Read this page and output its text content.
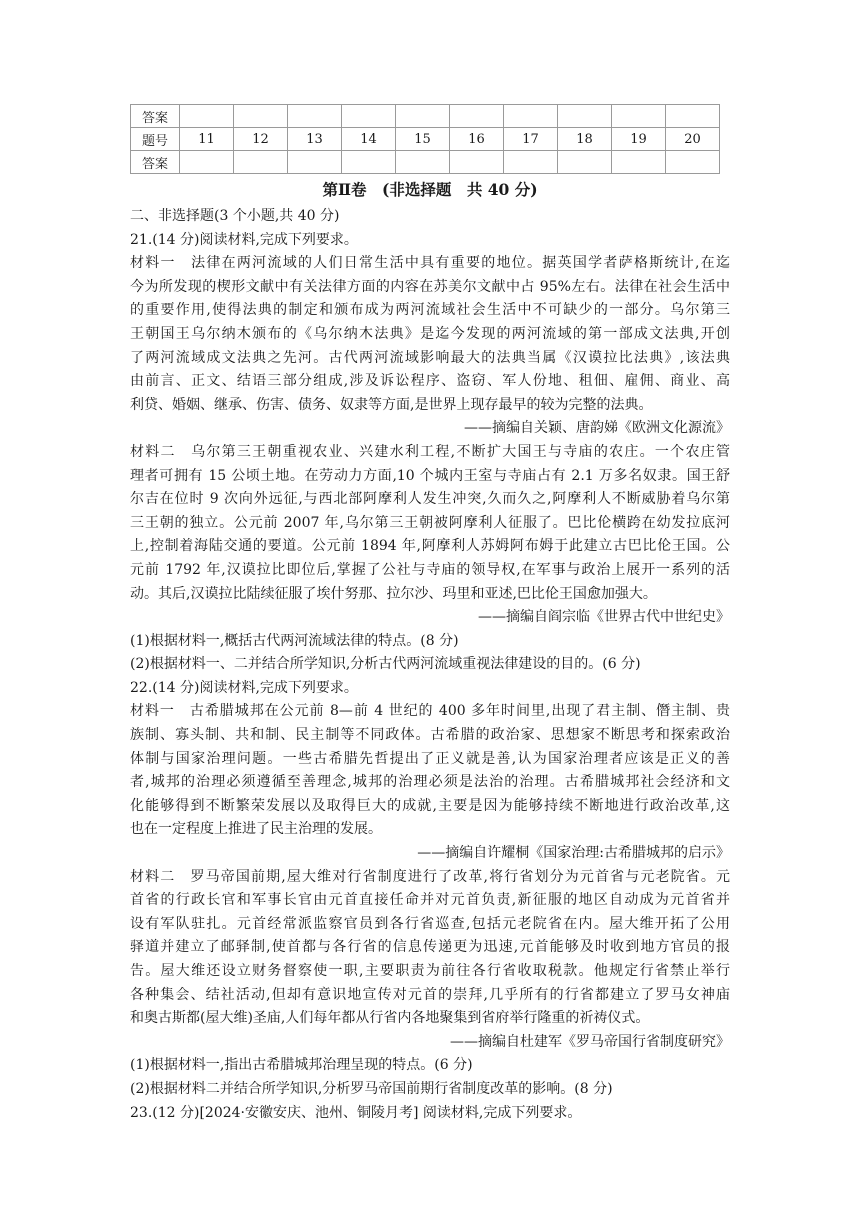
答案										
题号	11	12	13	14	15	16	17	18	19	20
答案										
第Ⅱ卷　(非选择题　共 40 分)
二、非选择题(3 个小题,共 40 分)
21.(14 分)阅读材料,完成下列要求。
材料一　法律在两河流域的人们日常生活中具有重要的地位。据英国学者萨格斯统计,在迄
今为所发现的楔形文献中有关法律方面的内容在苏美尔文献中占 95%左右。法律在社会生活中
的重要作用,使得法典的制定和颁布成为两河流域社会生活中不可缺少的一部分。乌尔第三
王朝国王乌尔纳木颁布的《乌尔纳木法典》是迄今发现的两河流域的第一部成文法典,开创
了两河流域成文法典之先河。古代两河流域影响最大的法典当属《汉谟拉比法典》,该法典
由前言、正文、结语三部分组成,涉及诉讼程序、盗窃、军人份地、租佃、雇佣、商业、高
利贷、婚姻、继承、伤害、债务、奴隶等方面,是世界上现存最早的较为完整的法典。
——摘编自关颖、唐韵娣《欧洲文化源流》
材料二　乌尔第三王朝重视农业、兴建水利工程,不断扩大国王与寺庙的农庄。一个农庄管
理者可拥有 15 公顷土地。在劳动力方面,10 个城内王室与寺庙占有 2.1 万多名奴隶。国王舒
尔吉在位时 9 次向外远征,与西北部阿摩利人发生冲突,久而久之,阿摩利人不断威胁着乌尔第
三王朝的独立。公元前 2007 年,乌尔第三王朝被阿摩利人征服了。巴比伦横跨在幼发拉底河
上,控制着海陆交通的要道。公元前 1894 年,阿摩利人苏姆阿布姆于此建立古巴比伦王国。公
元前 1792 年,汉谟拉比即位后,掌握了公社与寺庙的领导权,在军事与政治上展开一系列的活
动。其后,汉谟拉比陆续征服了埃什努那、拉尔沙、玛里和亚述,巴比伦王国愈加强大。
——摘编自阎宗临《世界古代中世纪史》
(1)根据材料一,概括古代两河流域法律的特点。(8 分)
(2)根据材料一、二并结合所学知识,分析古代两河流域重视法律建设的目的。(6 分)
22.(14 分)阅读材料,完成下列要求。
材料一　古希腊城邦在公元前 8—前 4 世纪的 400 多年时间里,出现了君主制、僭主制、贵
族制、寡头制、共和制、民主制等不同政体。古希腊的政治家、思想家不断思考和探索政治
体制与国家治理问题。一些古希腊先哲提出了正义就是善,认为国家治理者应该是正义的善
者,城邦的治理必须遵循至善理念,城邦的治理必须是法治的治理。古希腊城邦社会经济和文
化能够得到不断繁荣发展以及取得巨大的成就,主要是因为能够持续不断地进行政治改革,这
也在一定程度上推进了民主治理的发展。
——摘编自许耀桐《国家治理:古希腊城邦的启示》
材料二　罗马帝国前期,屋大维对行省制度进行了改革,将行省划分为元首省与元老院省。元
首省的行政长官和军事长官由元首直接任命并对元首负责,新征服的地区自动成为元首省并
设有军队驻扎。元首经常派监察官员到各行省巡查,包括元老院省在内。屋大维开拓了公用
驿道并建立了邮驿制,使首都与各行省的信息传递更为迅速,元首能够及时收到地方官员的报
告。屋大维还设立财务督察使一职,主要职责为前往各行省收取税款。他规定行省禁止举行
各种集会、结社活动,但却有意识地宣传对元首的崇拜,几乎所有的行省都建立了罗马女神庙
和奥古斯都(屋大维)圣庙,人们每年都从行省内各地聚集到省府举行隆重的祈祷仪式。
——摘编自杜建军《罗马帝国行省制度研究》
(1)根据材料一,指出古希腊城邦治理呈现的特点。(6 分)
(2)根据材料二并结合所学知识,分析罗马帝国前期行省制度改革的影响。(8 分)
23.(12 分)[2024·安徽安庆、池州、铜陵月考] 阅读材料,完成下列要求。
